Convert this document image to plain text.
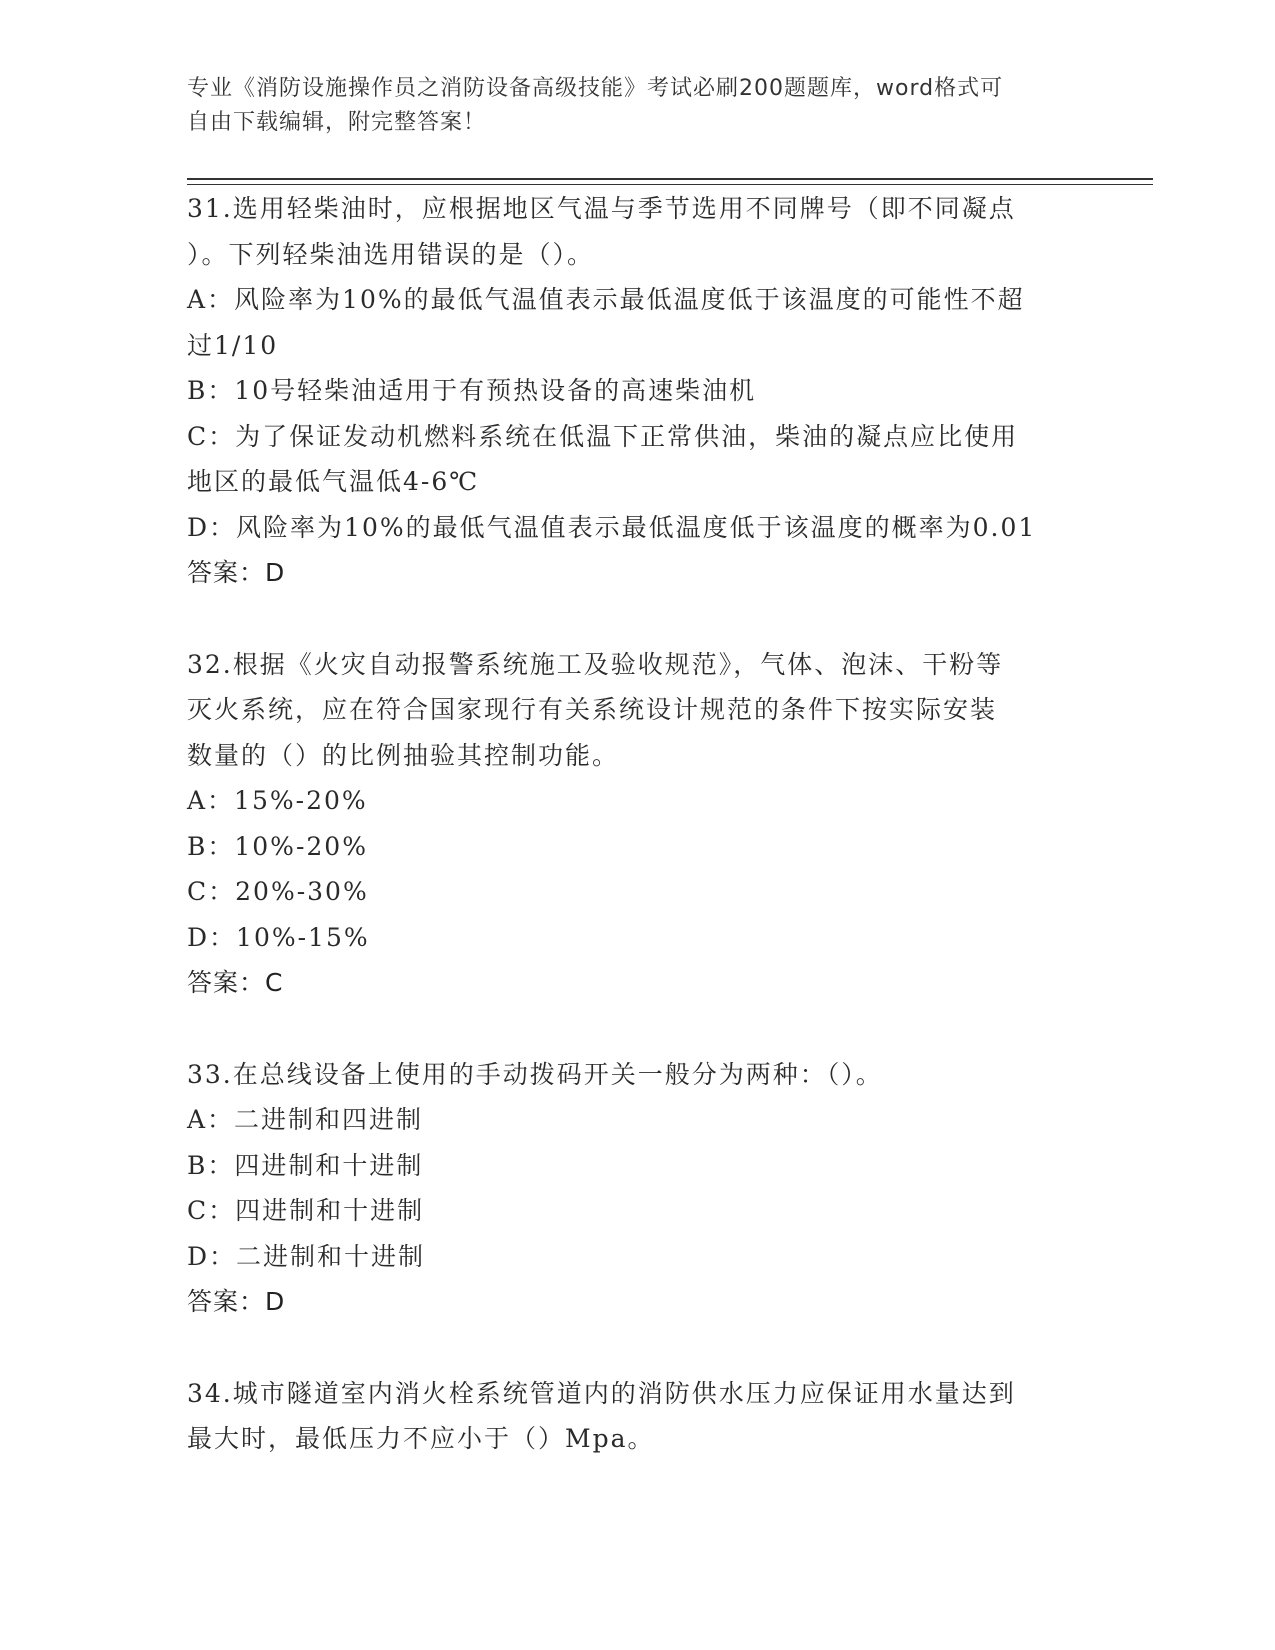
专业《消防设施操作员之消防设备高级技能》考试必刷200题题库，word格式可
自由下载编辑，附完整答案！
31.选用轻柴油时，应根据地区气温与季节选用不同牌号（即不同凝点
）。下列轻柴油选用错误的是（）。
A：风险率为10%的最低气温值表示最低温度低于该温度的可能性不超
过1/10
B：10号轻柴油适用于有预热设备的高速柴油机
C：为了保证发动机燃料系统在低温下正常供油，柴油的凝点应比使用
地区的最低气温低4-6℃
D：风险率为10%的最低气温值表示最低温度低于该温度的概率为0.01
答案：D
32.根据《火灾自动报警系统施工及验收规范》，气体、泡沫、干粉等
灭火系统，应在符合国家现行有关系统设计规范的条件下按实际安装
数量的（）的比例抽验其控制功能。
A：15%-20%
B：10%-20%
C：20%-30%
D：10%-15%
答案：C
33.在总线设备上使用的手动拨码开关一般分为两种：（）。
A：二进制和四进制
B：四进制和十进制
C：四进制和十进制
D：二进制和十进制
答案：D
34.城市隧道室内消火栓系统管道内的消防供水压力应保证用水量达到
最大时，最低压力不应小于（）Mpa。
